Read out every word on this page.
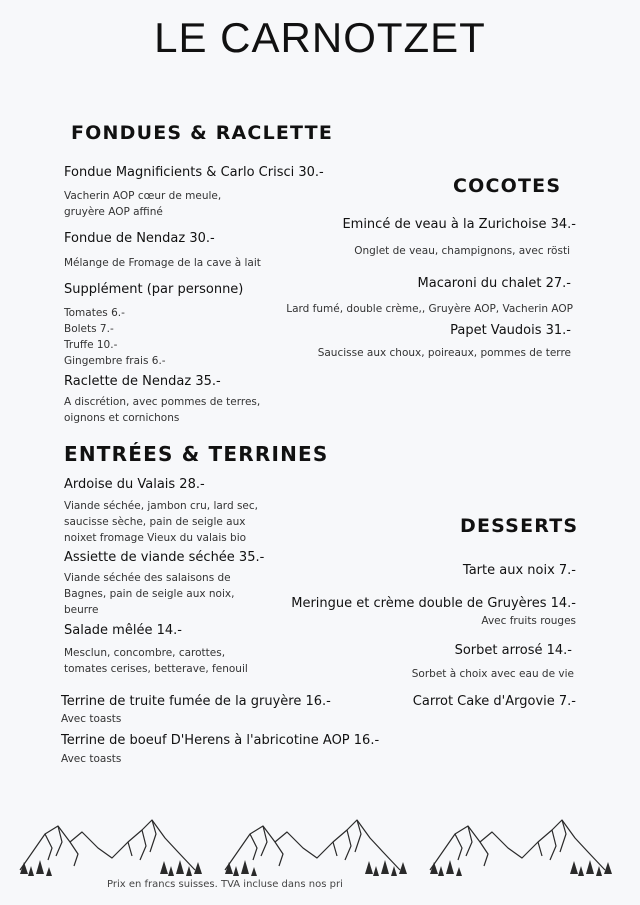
LE CARNOTZET
FONDUES & RACLETTE
Fondue Magnificients & Carlo Crisci 30.-
Vacherin AOP cœur de meule,
gruyère AOP affiné
Fondue de Nendaz 30.-
Mélange de Fromage de la cave à lait
Supplément (par personne)
Tomates 6.-
Bolets 7.-
Truffe 10.-
Gingembre frais 6.-
Raclette de Nendaz 35.-
A discrétion, avec pommes de terres,
oignons et cornichons
ENTRÉES & TERRINES
Ardoise du Valais 28.-
Viande séchée, jambon cru, lard sec,
saucisse sèche, pain de seigle aux
noixet fromage Vieux du valais bio
Assiette de viande séchée 35.-
Viande séchée des salaisons de
Bagnes, pain de seigle aux noix,
beurre
Salade mêlée 14.-
Mesclun, concombre, carottes,
tomates cerises, betterave, fenouil
Terrine de truite fumée de la gruyère 16.-
Avec toasts
Terrine de boeuf D'Herens à l'abricotine AOP 16.-
Avec toasts
COCOTES
Emincé de veau à la Zurichoise 34.-
Onglet de veau, champignons, avec rösti
Macaroni du chalet 27.-
Lard fumé, double crème,, Gruyère AOP, Vacherin AOP
Papet Vaudois 31.-
Saucisse aux choux, poireaux, pommes de terre
DESSERTS
Tarte aux noix 7.-
Meringue et crème double de Gruyères 14.-
Avec fruits rouges
Sorbet arrosé 14.-
Sorbet à choix avec eau de vie
Carrot Cake d'Argovie 7.-
Prix en francs suisses. TVA incluse dans nos pri
